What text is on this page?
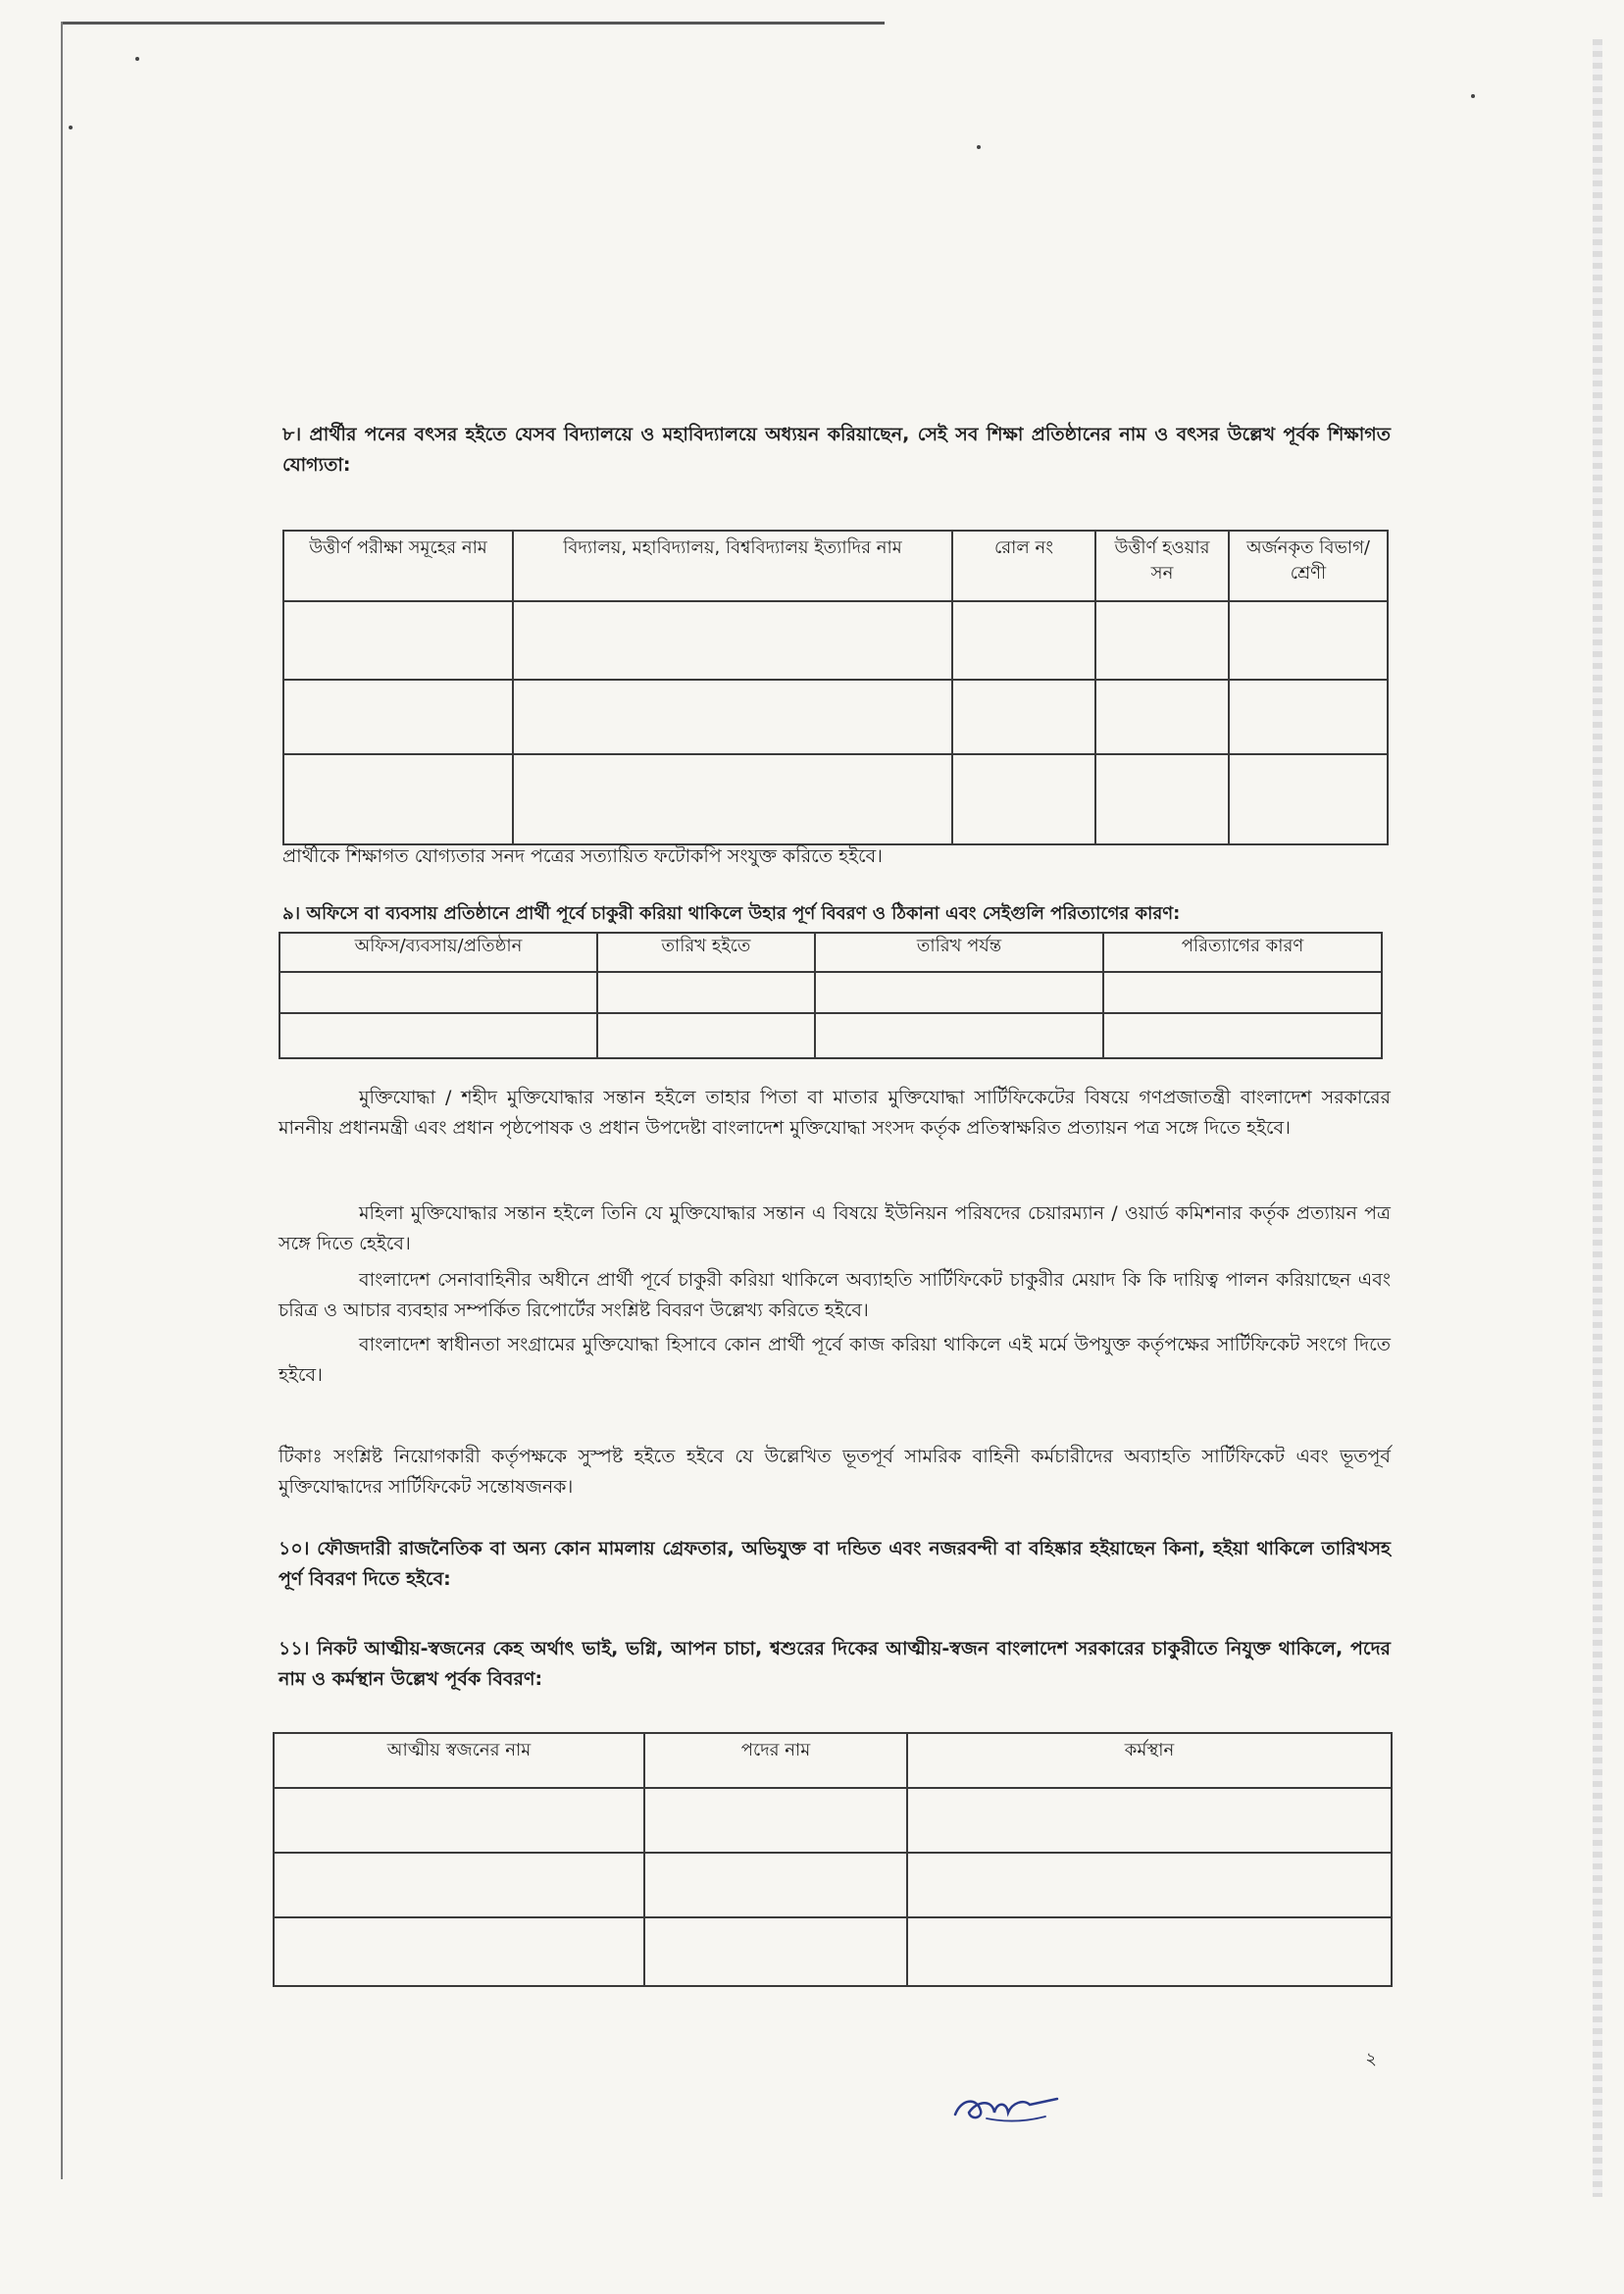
৮। প্রার্থীর পনের বৎসর হইতে যেসব বিদ্যালয়ে ও মহাবিদ্যালয়ে অধ্যয়ন করিয়াছেন, সেই সব শিক্ষা প্রতিষ্ঠানের নাম ও বৎসর উল্লেখ পূর্বক শিক্ষাগত যোগ্যতা:
উত্তীর্ণ পরীক্ষা সমূহের নাম	বিদ্যালয়, মহাবিদ্যালয়, বিশ্ববিদ্যালয় ইত্যাদির নাম	রোল নং	উত্তীর্ণ হওয়ার সন	অর্জনকৃত বিভাগ/শ্রেণী

প্রার্থীকে শিক্ষাগত যোগ্যতার সনদ পত্রের সত্যায়িত ফটোকপি সংযুক্ত করিতে হইবে।
৯। অফিসে বা ব্যবসায় প্রতিষ্ঠানে প্রার্থী পূর্বে চাকুরী করিয়া থাকিলে উহার পূর্ণ বিবরণ ও ঠিকানা এবং সেইগুলি পরিত্যাগের কারণ:
অফিস/ব্যবসায়/প্রতিষ্ঠান	তারিখ হইতে	তারিখ পর্যন্ত	পরিত্যাগের কারণ

মুক্তিযোদ্ধা / শহীদ মুক্তিযোদ্ধার সন্তান হইলে তাহার পিতা বা মাতার মুক্তিযোদ্ধা সার্টিফিকেটের বিষয়ে গণপ্রজাতন্ত্রী বাংলাদেশ সরকারের মাননীয় প্রধানমন্ত্রী এবং প্রধান পৃষ্ঠপোষক ও প্রধান উপদেষ্টা বাংলাদেশ মুক্তিযোদ্ধা সংসদ কর্তৃক প্রতিস্বাক্ষরিত প্রত্যায়ন পত্র সঙ্গে দিতে হইবে।
মহিলা মুক্তিযোদ্ধার সন্তান হইলে তিনি যে মুক্তিযোদ্ধার সন্তান এ বিষয়ে ইউনিয়ন পরিষদের চেয়ারম্যান / ওয়ার্ড কমিশনার কর্তৃক প্রত্যায়ন পত্র সঙ্গে দিতে হেইবে।
বাংলাদেশ সেনাবাহিনীর অধীনে প্রার্থী পূর্বে চাকুরী করিয়া থাকিলে অব্যাহতি সার্টিফিকেট চাকুরীর মেয়াদ কি কি দায়িত্ব পালন করিয়াছেন এবং চরিত্র ও আচার ব্যবহার সম্পর্কিত রিপোর্টের সংশ্লিষ্ট বিবরণ উল্লেখ্য করিতে হইবে।
বাংলাদেশ স্বাধীনতা সংগ্রামের মুক্তিযোদ্ধা হিসাবে কোন প্রার্থী পূর্বে কাজ করিয়া থাকিলে এই মর্মে উপযুক্ত কর্তৃপক্ষের সার্টিফিকেট সংগে দিতে হইবে।
টিকাঃ সংশ্লিষ্ট নিয়োগকারী কর্তৃপক্ষকে সুস্পষ্ট হইতে হইবে যে উল্লেখিত ভূতপূর্ব সামরিক বাহিনী কর্মচারীদের অব্যাহতি সার্টিফিকেট এবং ভূতপূর্ব মুক্তিযোদ্ধাদের সার্টিফিকেট সন্তোষজনক।
১০। ফৌজদারী রাজনৈতিক বা অন্য কোন মামলায় গ্রেফতার, অভিযুক্ত বা দন্ডিত এবং নজরবন্দী বা বহিষ্কার হইয়াছেন কিনা, হইয়া থাকিলে তারিখসহ পূর্ণ বিবরণ দিতে হইবে:
১১। নিকট আত্মীয়-স্বজনের কেহ অর্থাৎ ভাই, ভগ্নি, আপন চাচা, শ্বশুরের দিকের আত্মীয়-স্বজন বাংলাদেশ সরকারের চাকুরীতে নিযুক্ত থাকিলে, পদের নাম ও কর্মস্থান উল্লেখ পূর্বক বিবরণ:
আত্মীয় স্বজনের নাম	পদের নাম	কর্মস্থান

২
